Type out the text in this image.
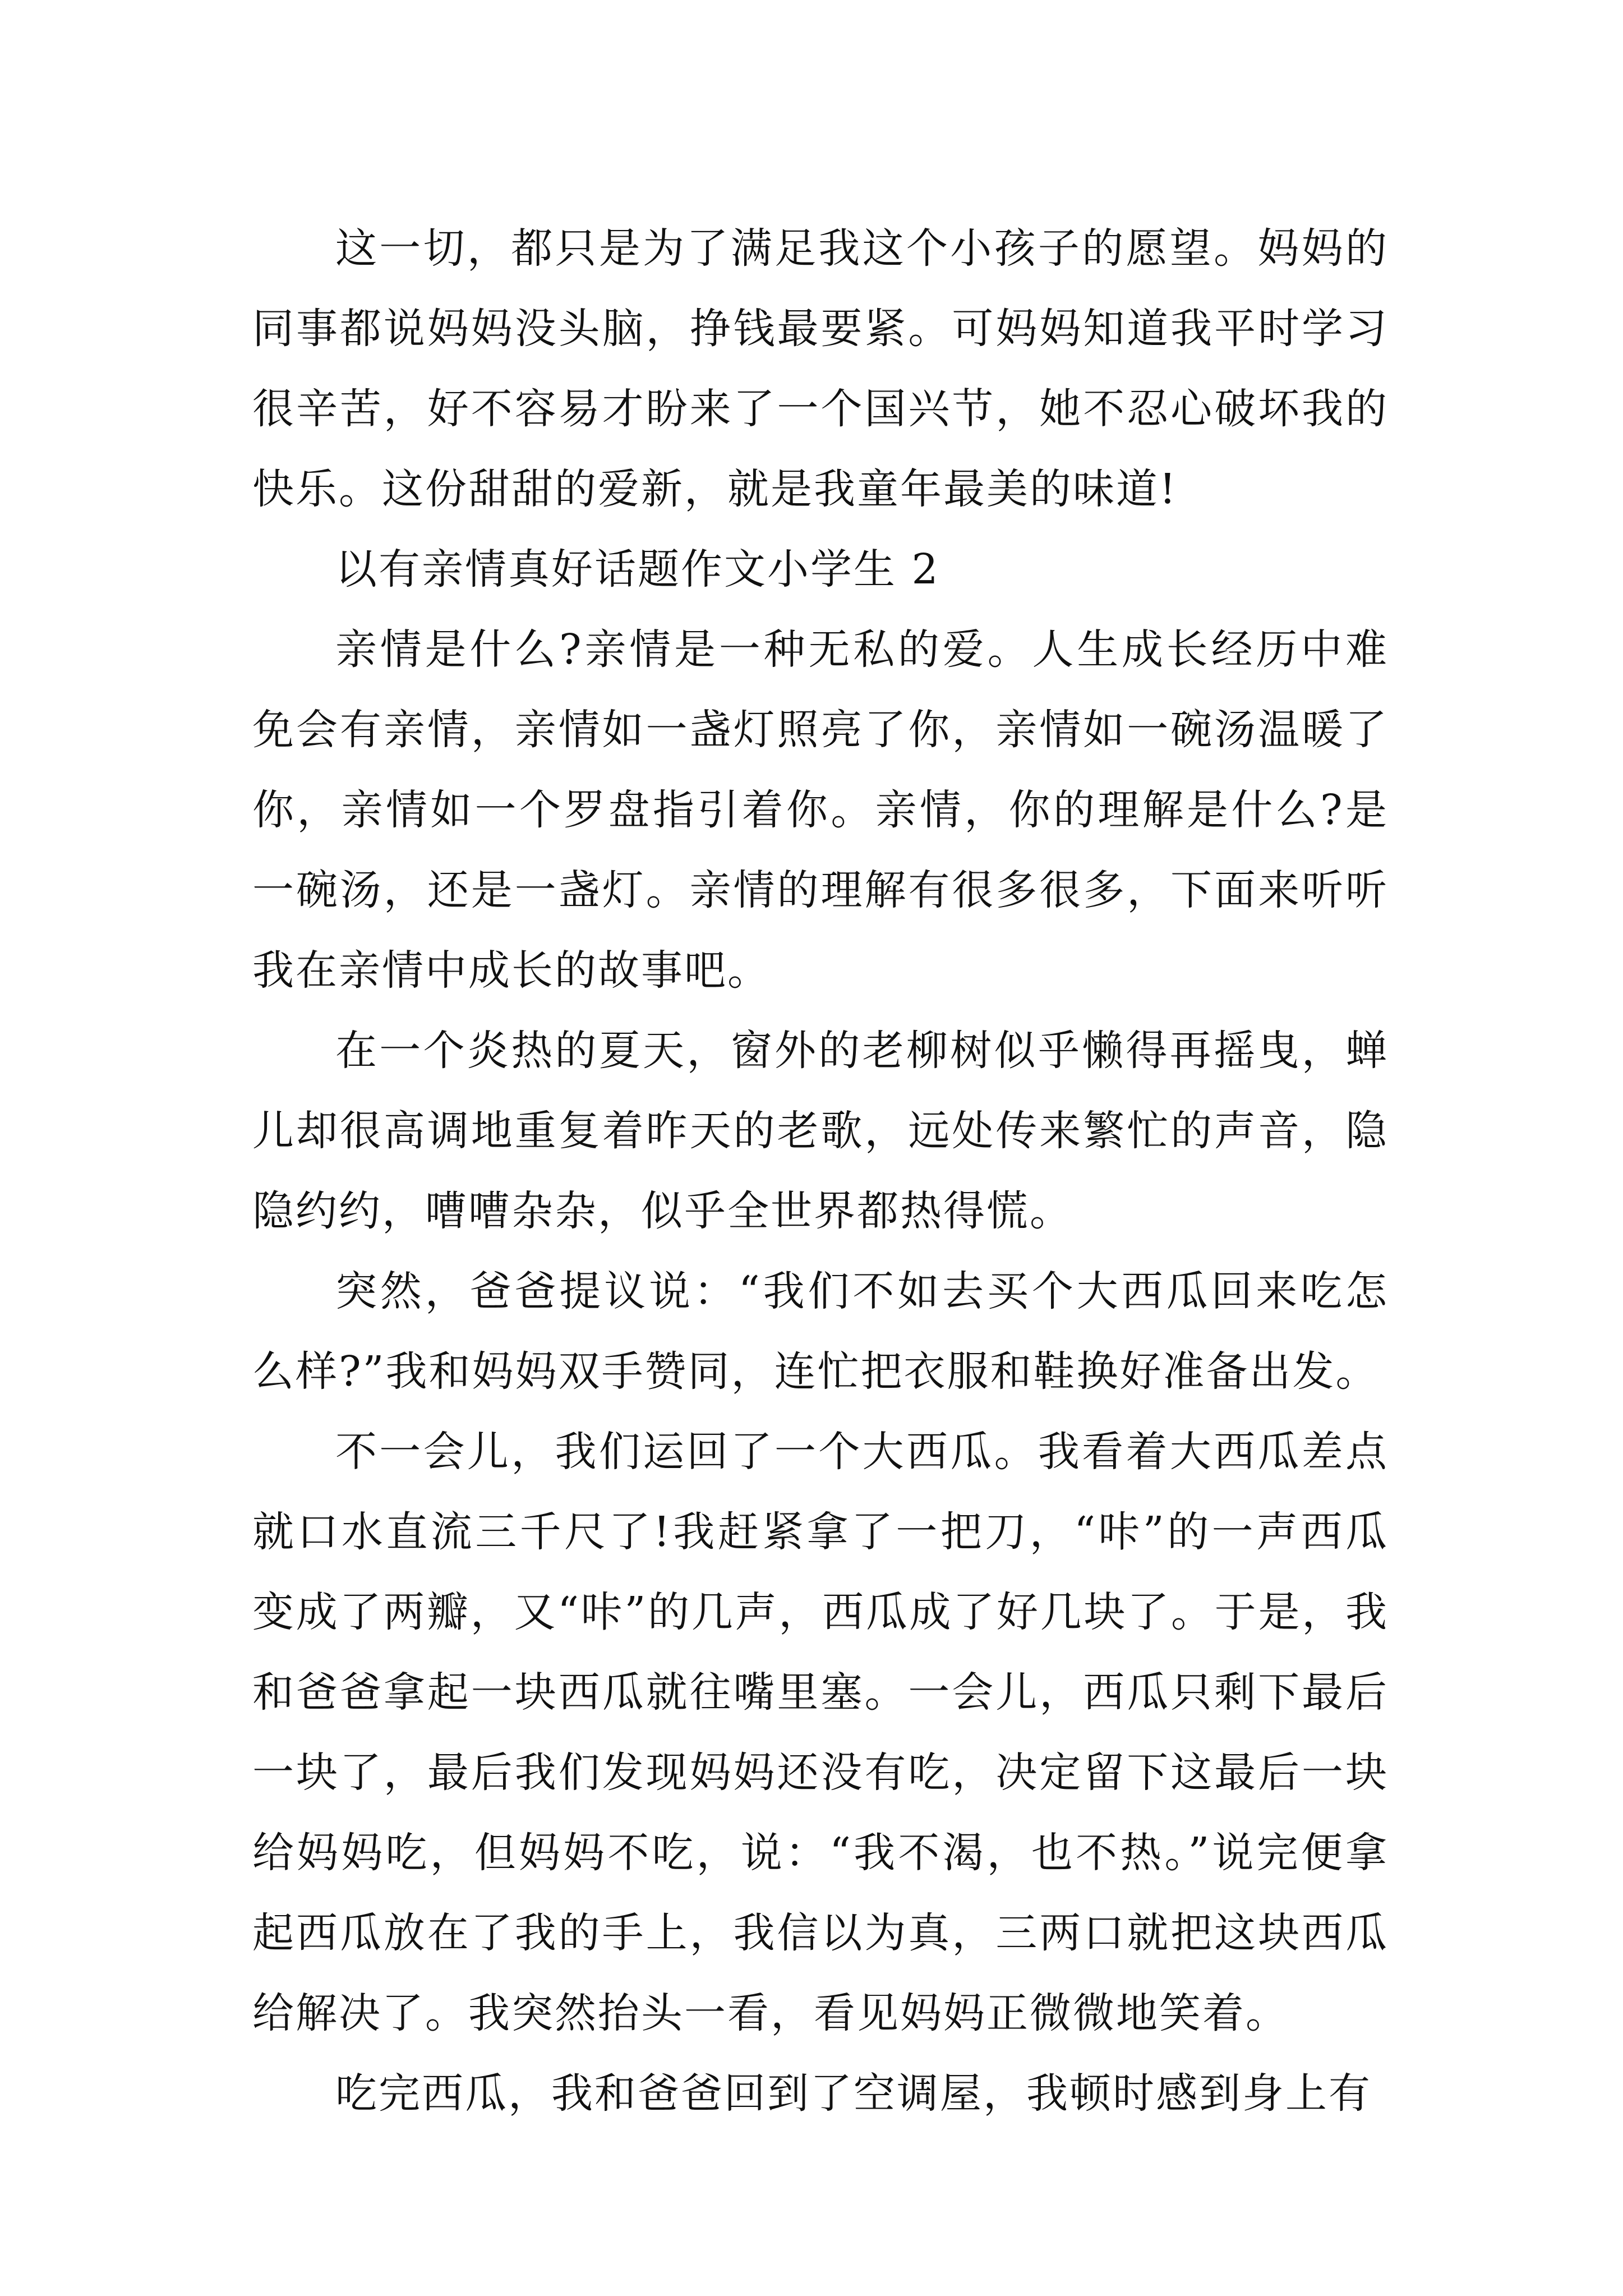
这一切，都只是为了满足我这个小孩子的愿望。妈妈的同事都说妈妈没头脑，挣钱最要紧。可妈妈知道我平时学习很辛苦，好不容易才盼来了一个国兴节，她不忍心破坏我的快乐。这份甜甜的爱新，就是我童年最美的味道!

以有亲情真好话题作文小学生 2

亲情是什么?亲情是一种无私的爱。人生成长经历中难免会有亲情，亲情如一盏灯照亮了你，亲情如一碗汤温暖了你，亲情如一个罗盘指引着你。亲情，你的理解是什么?是一碗汤，还是一盏灯。亲情的理解有很多很多，下面来听听我在亲情中成长的故事吧。

在一个炎热的夏天，窗外的老柳树似乎懒得再摇曳，蝉儿却很高调地重复着昨天的老歌，远处传来繁忙的声音，隐隐约约，嘈嘈杂杂，似乎全世界都热得慌。

突然，爸爸提议说：“我们不如去买个大西瓜回来吃怎么样?”我和妈妈双手赞同，连忙把衣服和鞋换好准备出发。

不一会儿，我们运回了一个大西瓜。我看着大西瓜差点就口水直流三千尺了!我赶紧拿了一把刀，“咔”的一声西瓜变成了两瓣，又“咔”的几声，西瓜成了好几块了。于是，我和爸爸拿起一块西瓜就往嘴里塞。一会儿，西瓜只剩下最后一块了，最后我们发现妈妈还没有吃，决定留下这最后一块给妈妈吃，但妈妈不吃，说：“我不渴，也不热。”说完便拿起西瓜放在了我的手上，我信以为真，三两口就把这块西瓜给解决了。我突然抬头一看，看见妈妈正微微地笑着。

吃完西瓜，我和爸爸回到了空调屋，我顿时感到身上有
